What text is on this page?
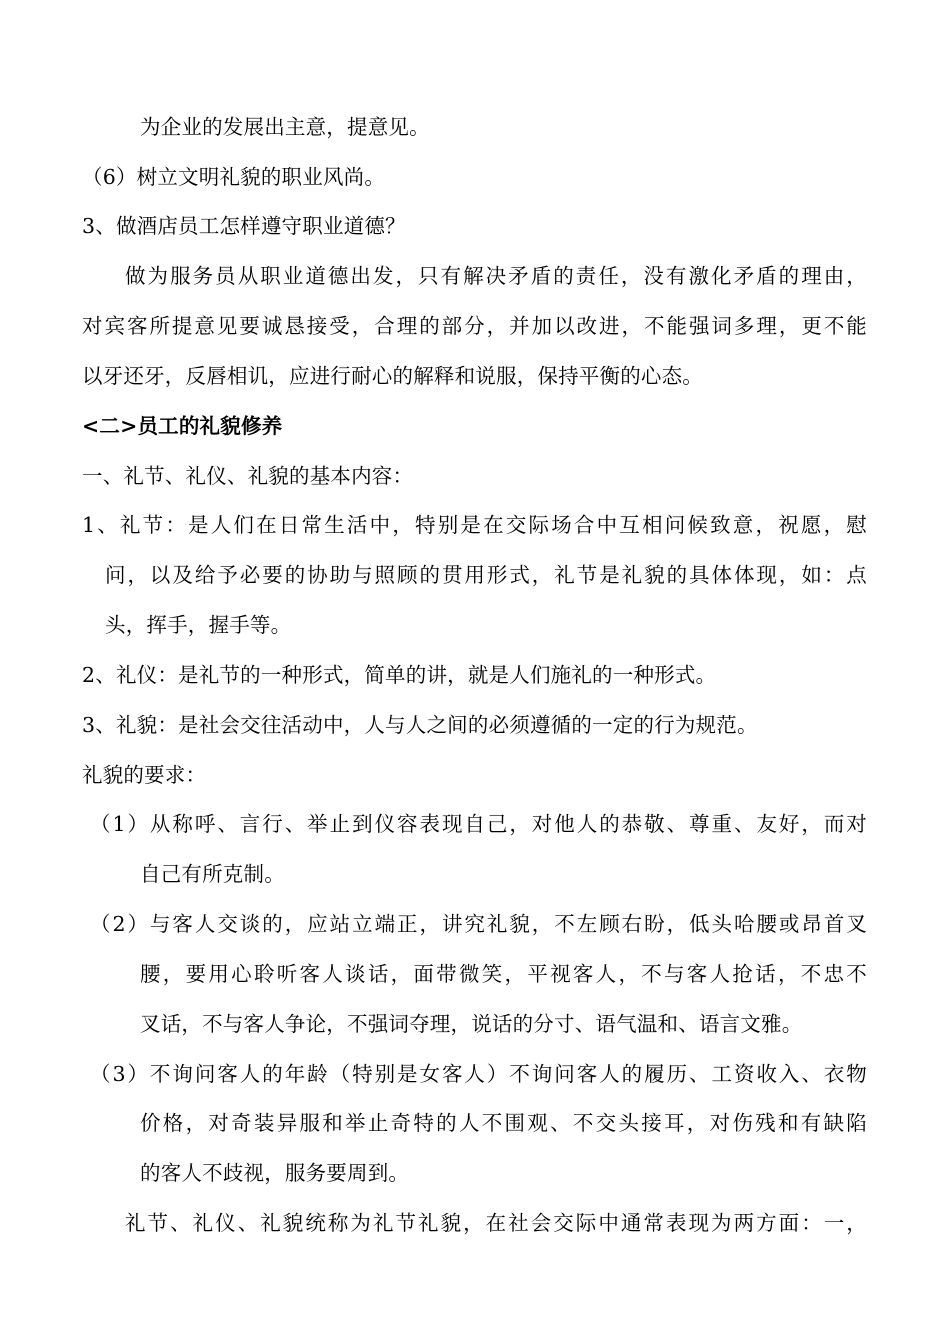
为企业的发展出主意，提意见。
（6）树立文明礼貌的职业风尚。
3、做酒店员工怎样遵守职业道德？
做为服务员从职业道德出发，只有解决矛盾的责任，没有激化矛盾的理由，
对宾客所提意见要诚恳接受，合理的部分，并加以改进，不能强词多理，更不能
以牙还牙，反唇相讥，应进行耐心的解释和说服，保持平衡的心态。
<二>员工的礼貌修养
一、礼节、礼仪、礼貌的基本内容：
1、礼节：是人们在日常生活中，特别是在交际场合中互相问候致意，祝愿，慰
问，以及给予必要的协助与照顾的贯用形式，礼节是礼貌的具体体现，如：点
头，挥手，握手等。
2、礼仪：是礼节的一种形式，简单的讲，就是人们施礼的一种形式。
3、礼貌：是社会交往活动中，人与人之间的必须遵循的一定的行为规范。
礼貌的要求：
（1）从称呼、言行、举止到仪容表现自己，对他人的恭敬、尊重、友好，而对
自己有所克制。
（2）与客人交谈的，应站立端正，讲究礼貌，不左顾右盼，低头哈腰或昂首叉
腰，要用心聆听客人谈话，面带微笑，平视客人，不与客人抢话，不忠不
叉话，不与客人争论，不强词夺理，说话的分寸、语气温和、语言文雅。
（3）不询问客人的年龄（特别是女客人）不询问客人的履历、工资收入、衣物
价格，对奇装异服和举止奇特的人不围观、不交头接耳，对伤残和有缺陷
的客人不歧视，服务要周到。
礼节、礼仪、礼貌统称为礼节礼貌，在社会交际中通常表现为两方面：一，
